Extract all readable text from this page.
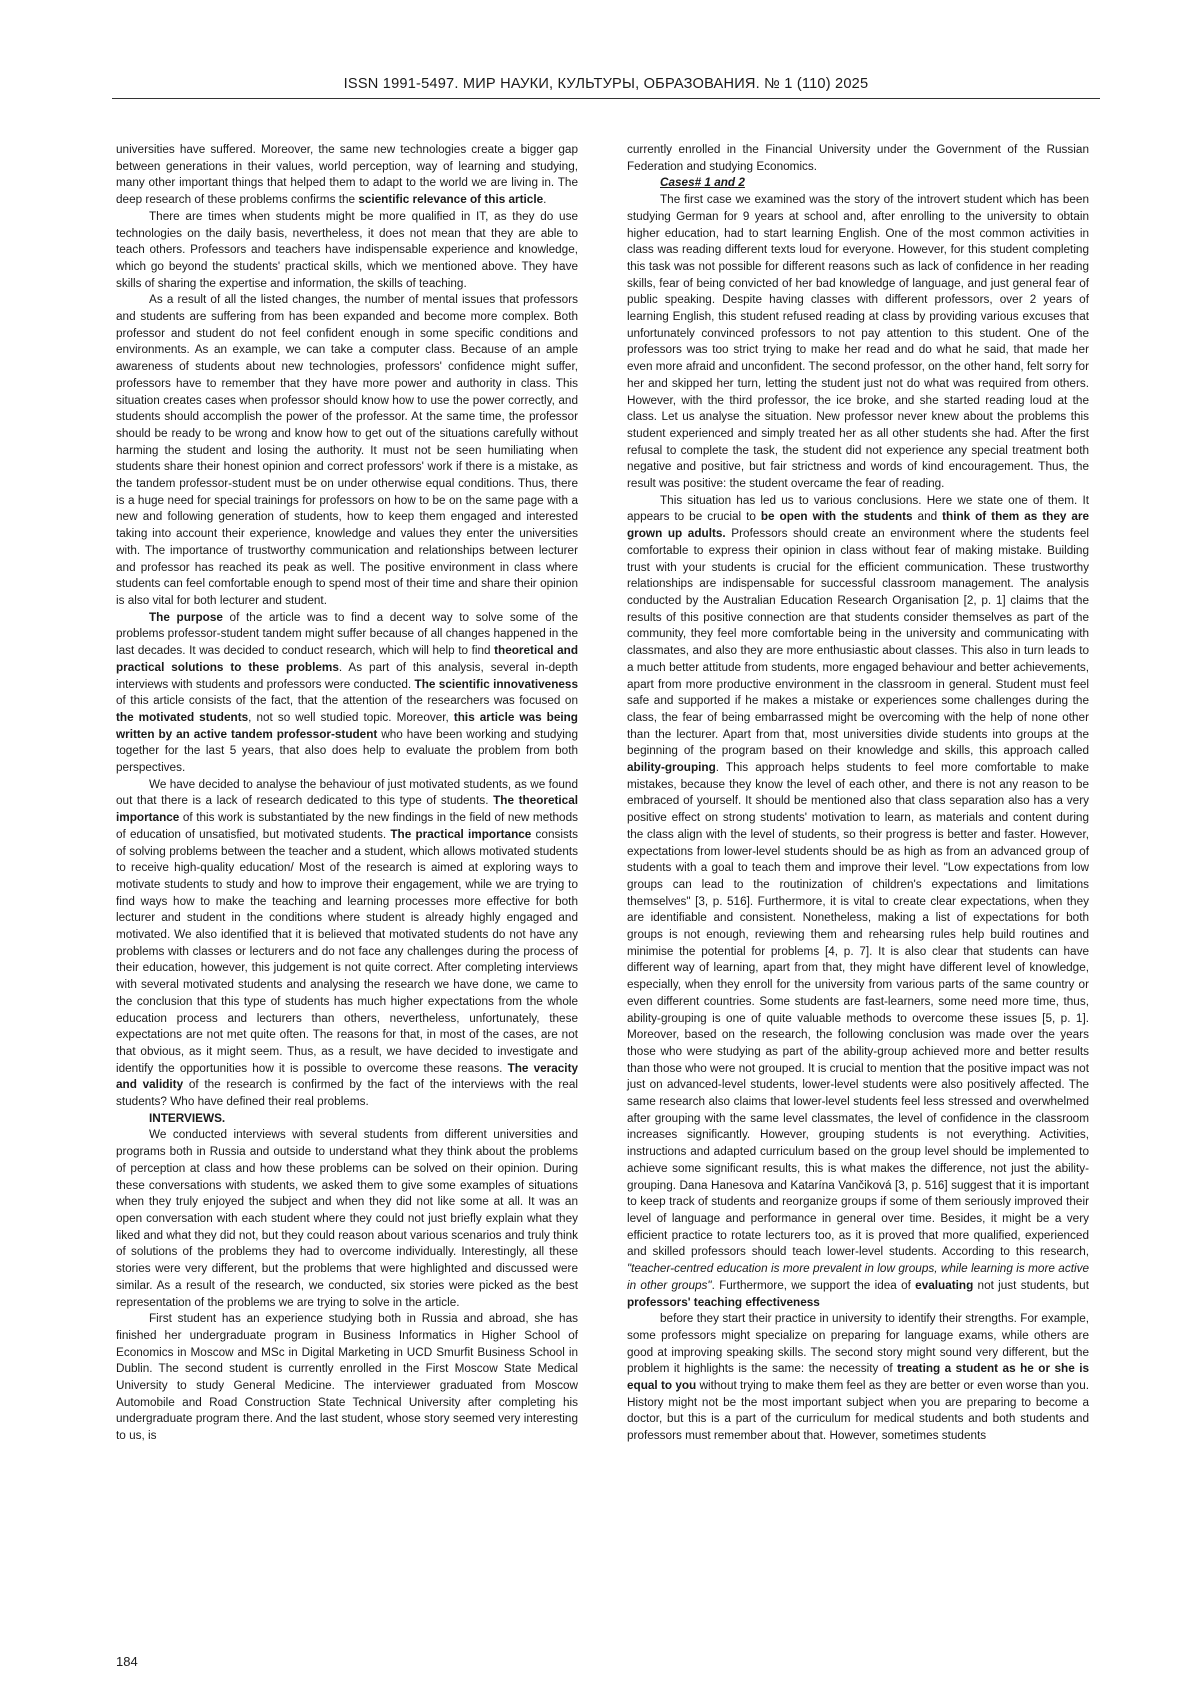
ISSN 1991-5497. МИР НАУКИ, КУЛЬТУРЫ, ОБРАЗОВАНИЯ. № 1 (110) 2025

universities have suffered. Moreover, the same new technologies create a bigger gap between generations in their values, world perception, way of learning and studying, many other important things that helped them to adapt to the world we are living in. The deep research of these problems confirms the scientific relevance of this article.

There are times when students might be more qualified in IT, as they do use technologies on the daily basis, nevertheless, it does not mean that they are able to teach others. Professors and teachers have indispensable experience and knowledge, which go beyond the students' practical skills, which we mentioned above. They have skills of sharing the expertise and information, the skills of teaching.

As a result of all the listed changes, the number of mental issues that professors and students are suffering from has been expanded and become more complex. Both professor and student do not feel confident enough in some specific conditions and environments. As an example, we can take a computer class. Because of an ample awareness of students about new technologies, professors' confidence might suffer, professors have to remember that they have more power and authority in class. This situation creates cases when professor should know how to use the power correctly, and students should accomplish the power of the professor. At the same time, the professor should be ready to be wrong and know how to get out of the situations carefully without harming the student and losing the authority. It must not be seen humiliating when students share their honest opinion and correct professors' work if there is a mistake, as the tandem professor-student must be on under otherwise equal conditions. Thus, there is a huge need for special trainings for professors on how to be on the same page with a new and following generation of students, how to keep them engaged and interested taking into account their experience, knowledge and values they enter the universities with. The importance of trustworthy communication and relationships between lecturer and professor has reached its peak as well. The positive environment in class where students can feel comfortable enough to spend most of their time and share their opinion is also vital for both lecturer and student.

The purpose of the article was to find a decent way to solve some of the problems professor-student tandem might suffer because of all changes happened in the last decades. It was decided to conduct research, which will help to find theoretical and practical solutions to these problems. As part of this analysis, several in-depth interviews with students and professors were conducted. The scientific innovativeness of this article consists of the fact, that the attention of the researchers was focused on the motivated students, not so well studied topic. Moreover, this article was being written by an active tandem professor-student who have been working and studying together for the last 5 years, that also does help to evaluate the problem from both perspectives.

We have decided to analyse the behaviour of just motivated students, as we found out that there is a lack of research dedicated to this type of students. The theoretical importance of this work is substantiated by the new findings in the field of new methods of education of unsatisfied, but motivated students. The practical importance consists of solving problems between the teacher and a student, which allows motivated students to receive high-quality education/ Most of the research is aimed at exploring ways to motivate students to study and how to improve their engagement, while we are trying to find ways how to make the teaching and learning processes more effective for both lecturer and student in the conditions where student is already highly engaged and motivated. We also identified that it is believed that motivated students do not have any problems with classes or lecturers and do not face any challenges during the process of their education, however, this judgement is not quite correct. After completing interviews with several motivated students and analysing the research we have done, we came to the conclusion that this type of students has much higher expectations from the whole education process and lecturers than others, nevertheless, unfortunately, these expectations are not met quite often. The reasons for that, in most of the cases, are not that obvious, as it might seem. Thus, as a result, we have decided to investigate and identify the opportunities how it is possible to overcome these reasons. The veracity and validity of the research is confirmed by the fact of the interviews with the real students? Who have defined their real problems.

INTERVIEWS.

We conducted interviews with several students from different universities and programs both in Russia and outside to understand what they think about the problems of perception at class and how these problems can be solved on their opinion. During these conversations with students, we asked them to give some examples of situations when they truly enjoyed the subject and when they did not like some at all. It was an open conversation with each student where they could not just briefly explain what they liked and what they did not, but they could reason about various scenarios and truly think of solutions of the problems they had to overcome individually. Interestingly, all these stories were very different, but the problems that were highlighted and discussed were similar. As a result of the research, we conducted, six stories were picked as the best representation of the problems we are trying to solve in the article.

First student has an experience studying both in Russia and abroad, she has finished her undergraduate program in Business Informatics in Higher School of Economics in Moscow and MSc in Digital Marketing in UCD Smurfit Business School in Dublin. The second student is currently enrolled in the First Moscow State Medical University to study General Medicine. The interviewer graduated from Moscow Automobile and Road Construction State Technical University after completing his undergraduate program there. And the last student, whose story seemed very interesting to us, is

currently enrolled in the Financial University under the Government of the Russian Federation and studying Economics.

Cases# 1 and 2

The first case we examined was the story of the introvert student which has been studying German for 9 years at school and, after enrolling to the university to obtain higher education, had to start learning English. One of the most common activities in class was reading different texts loud for everyone. However, for this student completing this task was not possible for different reasons such as lack of confidence in her reading skills, fear of being convicted of her bad knowledge of language, and just general fear of public speaking. Despite having classes with different professors, over 2 years of learning English, this student refused reading at class by providing various excuses that unfortunately convinced professors to not pay attention to this student. One of the professors was too strict trying to make her read and do what he said, that made her even more afraid and unconfident. The second professor, on the other hand, felt sorry for her and skipped her turn, letting the student just not do what was required from others. However, with the third professor, the ice broke, and she started reading loud at the class. Let us analyse the situation. New professor never knew about the problems this student experienced and simply treated her as all other students she had. After the first refusal to complete the task, the student did not experience any special treatment both negative and positive, but fair strictness and words of kind encouragement. Thus, the result was positive: the student overcame the fear of reading.

This situation has led us to various conclusions. Here we state one of them. It appears to be crucial to be open with the students and think of them as they are grown up adults. Professors should create an environment where the students feel comfortable to express their opinion in class without fear of making mistake. Building trust with your students is crucial for the efficient communication. These trustworthy relationships are indispensable for successful classroom management. The analysis conducted by the Australian Education Research Organisation [2, p. 1] claims that the results of this positive connection are that students consider themselves as part of the community, they feel more comfortable being in the university and communicating with classmates, and also they are more enthusiastic about classes. This also in turn leads to a much better attitude from students, more engaged behaviour and better achievements, apart from more productive environment in the classroom in general. Student must feel safe and supported if he makes a mistake or experiences some challenges during the class, the fear of being embarrassed might be overcoming with the help of none other than the lecturer. Apart from that, most universities divide students into groups at the beginning of the program based on their knowledge and skills, this approach called ability-grouping. This approach helps students to feel more comfortable to make mistakes, because they know the level of each other, and there is not any reason to be embraced of yourself. It should be mentioned also that class separation also has a very positive effect on strong students' motivation to learn, as materials and content during the class align with the level of students, so their progress is better and faster. However, expectations from lower-level students should be as high as from an advanced group of students with a goal to teach them and improve their level. "Low expectations from low groups can lead to the routinization of children's expectations and limitations themselves" [3, p. 516]. Furthermore, it is vital to create clear expectations, when they are identifiable and consistent. Nonetheless, making a list of expectations for both groups is not enough, reviewing them and rehearsing rules help build routines and minimise the potential for problems [4, p. 7]. It is also clear that students can have different way of learning, apart from that, they might have different level of knowledge, especially, when they enroll for the university from various parts of the same country or even different countries. Some students are fast-learners, some need more time, thus, ability-grouping is one of quite valuable methods to overcome these issues [5, p. 1]. Moreover, based on the research, the following conclusion was made over the years those who were studying as part of the ability-group achieved more and better results than those who were not grouped. It is crucial to mention that the positive impact was not just on advanced-level students, lower-level students were also positively affected. The same research also claims that lower-level students feel less stressed and overwhelmed after grouping with the same level classmates, the level of confidence in the classroom increases significantly. However, grouping students is not everything. Activities, instructions and adapted curriculum based on the group level should be implemented to achieve some significant results, this is what makes the difference, not just the ability-grouping. Dana Hanesova and Katarína Vančiková [3, p. 516] suggest that it is important to keep track of students and reorganize groups if some of them seriously improved their level of language and performance in general over time. Besides, it might be a very efficient practice to rotate lecturers too, as it is proved that more qualified, experienced and skilled professors should teach lower-level students. According to this research, "teacher-centred education is more prevalent in low groups, while learning is more active in other groups". Furthermore, we support the idea of evaluating not just students, but professors' teaching effectiveness

before they start their practice in university to identify their strengths. For example, some professors might specialize on preparing for language exams, while others are good at improving speaking skills. The second story might sound very different, but the problem it highlights is the same: the necessity of treating a student as he or she is equal to you without trying to make them feel as they are better or even worse than you. History might not be the most important subject when you are preparing to become a doctor, but this is a part of the curriculum for medical students and both students and professors must remember about that. However, sometimes students

184
